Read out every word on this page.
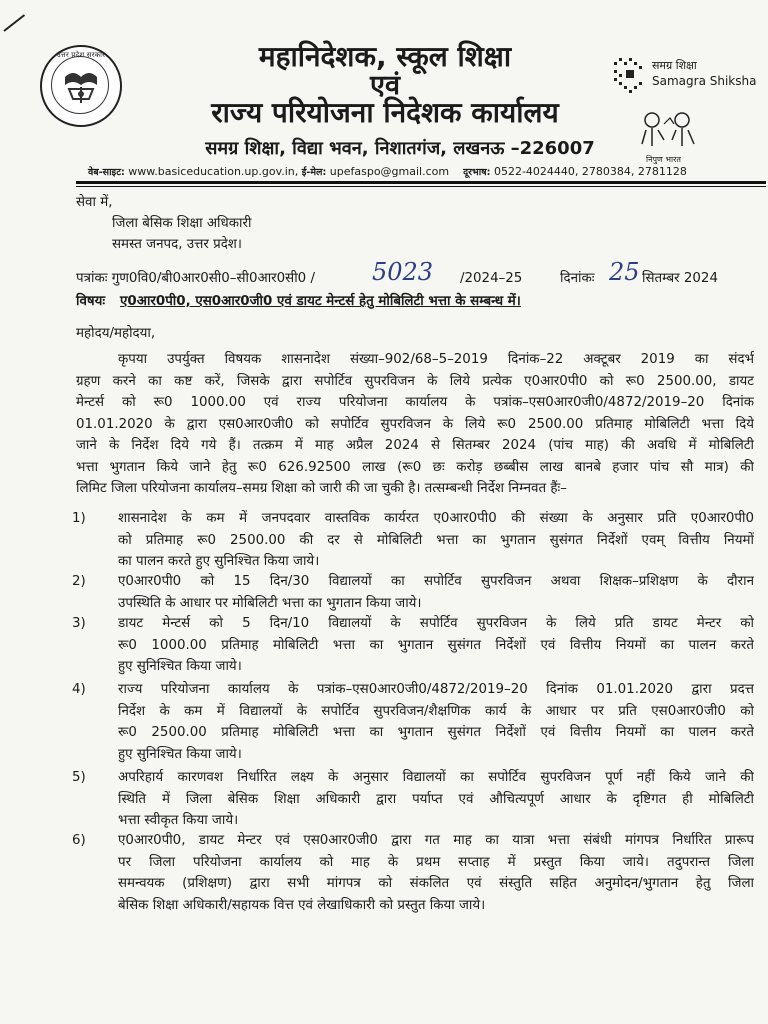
उत्तर प्रदेश सरकार	महानिदेशक, स्कूल शिक्षा
एवं
राज्य परियोजना निदेशक कार्यालय
समग्र शिक्षा, विद्या भवन, निशातगंज, लखनऊ –226007
वेब-साइट: www.basiceducation.up.gov.in, ई-मेल: upefaspo@gmail.com दूरभाष: 0522-4024440, 2780384, 2781128
समग्र शिक्षा
Samagra Shiksha
निपुण भारत
सेवा में,
जिला बेसिक शिक्षा अधिकारी
समस्त जनपद, उत्तर प्रदेश।
पत्रांकः गुण0वि0/बी0आर0सी0–सी0आर0सी0 / 5023 /2024–25	दिनांकः 25 सितम्बर 2024
विषयः ए0आर0पी0, एस0आर0जी0 एवं डायट मेन्टर्स हेतु मोबिलिटी भत्ता के सम्बन्ध में।
महोदय/महोदया,
कृपया उपर्युक्त विषयक शासनादेश संख्या–902/68–5–2019 दिनांक–22 अक्टूबर 2019 का संदर्भ
ग्रहण करने का कष्ट करें, जिसके द्वारा सपोर्टिव सुपरविजन के लिये प्रत्येक ए0आर0पी0 को रू0 2500.00, डायट
मेन्टर्स को रू0 1000.00 एवं राज्य परियोजना कार्यालय के पत्रांक–एस0आर0जी0/4872/2019–20 दिनांक
01.01.2020 के द्वारा एस0आर0जी0 को सपोर्टिव सुपरविजन के लिये रू0 2500.00 प्रतिमाह मोबिलिटी भत्ता दिये
जाने के निर्देश दिये गये हैं। तत्क्रम में माह अप्रैल 2024 से सितम्बर 2024 (पांच माह) की अवधि में मोबिलिटी
भत्ता भुगतान किये जाने हेतु रू0 626.92500 लाख (रू0 छः करोड़ छब्बीस लाख बानबे हजार पांच सौ मात्र) की
लिमिट जिला परियोजना कार्यालय–समग्र शिक्षा को जारी की जा चुकी है। तत्सम्बन्धी निर्देश निम्नवत हैंः–
1) शासनादेश के कम में जनपदवार वास्तविक कार्यरत ए0आर0पी0 की संख्या के अनुसार प्रति ए0आर0पी0
को प्रतिमाह रू0 2500.00 की दर से मोबिलिटी भत्ता का भुगतान सुसंगत निर्देशों एवम् वित्तीय नियमों
का पालन करते हुए सुनिश्चित किया जाये।
2) ए0आर0पी0 को 15 दिन/30 विद्यालयों का सपोर्टिव सुपरविजन अथवा शिक्षक–प्रशिक्षण के दौरान
उपस्थिति के आधार पर मोबिलिटी भत्ता का भुगतान किया जाये।
3) डायट मेन्टर्स को 5 दिन/10 विद्यालयों के सपोर्टिव सुपरविजन के लिये प्रति डायट मेन्टर को
रू0 1000.00 प्रतिमाह मोबिलिटी भत्ता का भुगतान सुसंगत निर्देशों एवं वित्तीय नियमों का पालन करते
हुए सुनिश्चित किया जाये।
4) राज्य परियोजना कार्यालय के पत्रांक–एस0आर0जी0/4872/2019–20 दिनांक 01.01.2020 द्वारा प्रदत्त
निर्देश के कम में विद्यालयों के सपोर्टिव सुपरविजन/शैक्षणिक कार्य के आधार पर प्रति एस0आर0जी0 को
रू0 2500.00 प्रतिमाह मोबिलिटी भत्ता का भुगतान सुसंगत निर्देशों एवं वित्तीय नियमों का पालन करते
हुए सुनिश्चित किया जाये।
5) अपरिहार्य कारणवश निर्धारित लक्ष्य के अनुसार विद्यालयों का सपोर्टिव सुपरविजन पूर्ण नहीं किये जाने की
स्थिति में जिला बेसिक शिक्षा अधिकारी द्वारा पर्याप्त एवं औचित्यपूर्ण आधार के दृष्टिगत ही मोबिलिटी
भत्ता स्वीकृत किया जाये।
6) ए0आर0पी0, डायट मेन्टर एवं एस0आर0जी0 द्वारा गत माह का यात्रा भत्ता संबंधी मांगपत्र निर्धारित प्रारूप
पर जिला परियोजना कार्यालय को माह के प्रथम सप्ताह में प्रस्तुत किया जाये। तदुपरान्त जिला
समन्वयक (प्रशिक्षण) द्वारा सभी मांगपत्र को संकलित एवं संस्तुति सहित अनुमोदन/भुगतान हेतु जिला
बेसिक शिक्षा अधिकारी/सहायक वित्त एवं लेखाधिकारी को प्रस्तुत किया जाये।
